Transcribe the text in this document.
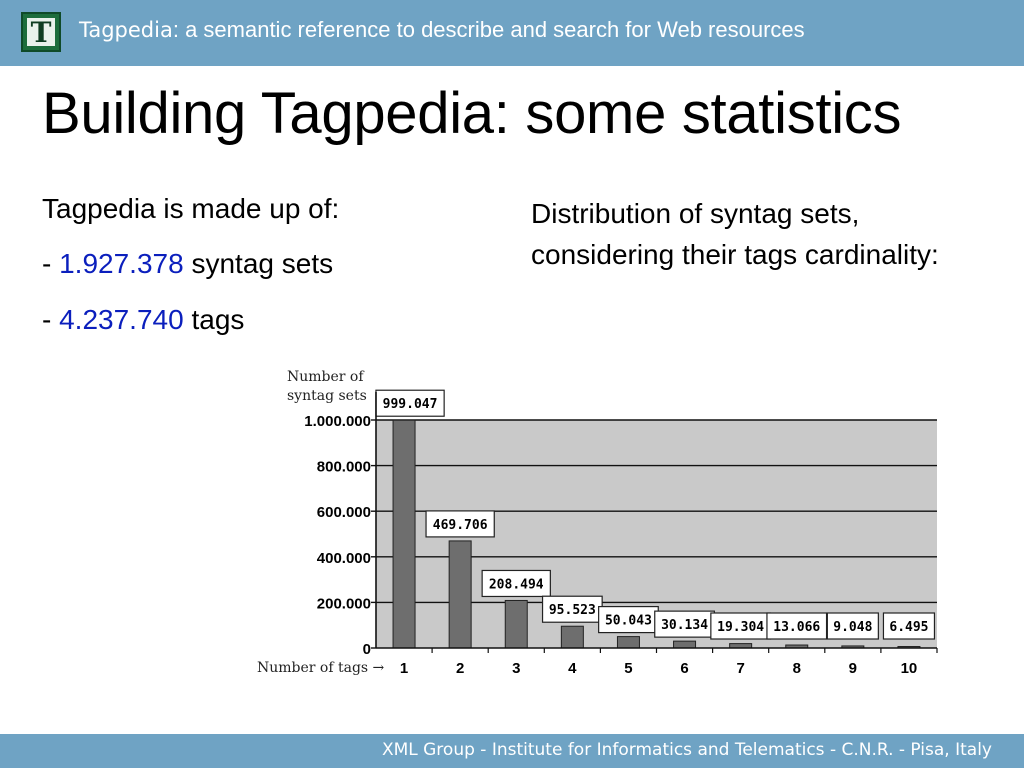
T	Tagpedia: a semantic reference to describe and search for Web resources
Building Tagpedia: some statistics
Tagpedia is made up of:
- 1.927.378 syntag sets
- 4.237.740 tags
Distribution of syntag sets, considering their tags cardinality:
999.047
469.706
208.494
95.523
50.043 30.134 19.304 13.066 9.048 6.495
0
200.000
400.000
600.000
800.000
1.000.000
1	2	3	4	5	6	7	8	9	10
Number of
syntag sets
Number of tags →
XML Group - Institute for Informatics and Telematics - C.N.R. - Pisa, Italy
